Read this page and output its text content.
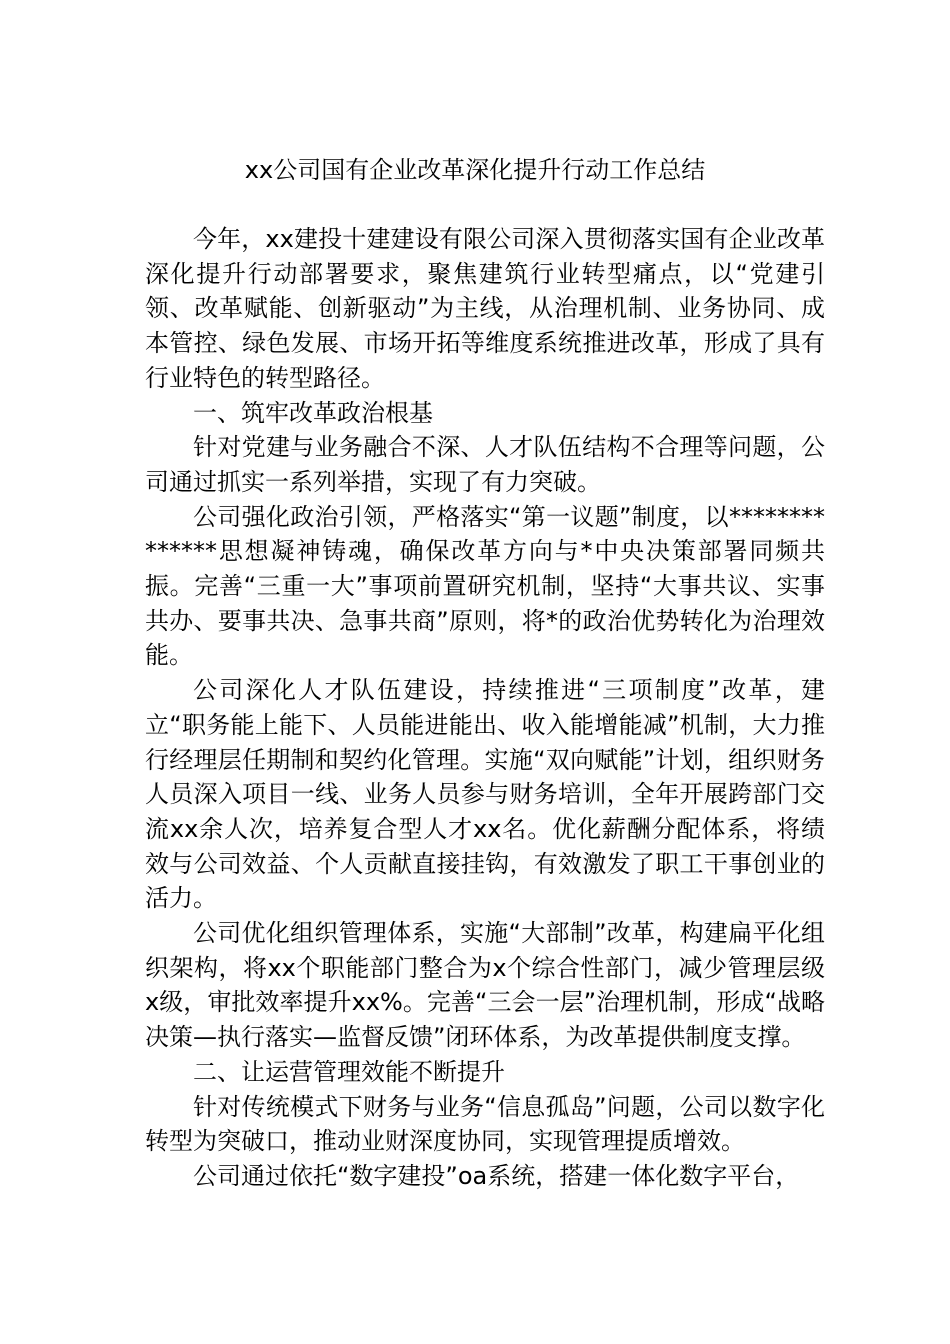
xx公司国有企业改革深化提升行动工作总结

今年，xx建投十建建设有限公司深入贯彻落实国有企业改革深化提升行动部署要求，聚焦建筑行业转型痛点，以“党建引领、改革赋能、创新驱动”为主线，从治理机制、业务协同、成本管控、绿色发展、市场开拓等维度系统推进改革，形成了具有行业特色的转型路径。

一、筑牢改革政治根基

针对党建与业务融合不深、人才队伍结构不合理等问题，公司通过抓实一系列举措，实现了有力突破。

公司强化政治引领，严格落实“第一议题”制度，以**************思想凝神铸魂，确保改革方向与*中央决策部署同频共振。完善“三重一大”事项前置研究机制，坚持“大事共议、实事共办、要事共决、急事共商”原则，将*的政治优势转化为治理效能。

公司深化人才队伍建设，持续推进“三项制度”改革，建立“职务能上能下、人员能进能出、收入能增能减”机制，大力推行经理层任期制和契约化管理。实施“双向赋能”计划，组织财务人员深入项目一线、业务人员参与财务培训，全年开展跨部门交流xx余人次，培养复合型人才xx名。优化薪酬分配体系，将绩效与公司效益、个人贡献直接挂钩，有效激发了职工干事创业的活力。

公司优化组织管理体系，实施“大部制”改革，构建扁平化组织架构，将xx个职能部门整合为x个综合性部门，减少管理层级x级，审批效率提升xx%。完善“三会一层”治理机制，形成“战略决策—执行落实—监督反馈”闭环体系，为改革提供制度支撑。

二、让运营管理效能不断提升

针对传统模式下财务与业务“信息孤岛”问题，公司以数字化转型为突破口，推动业财深度协同，实现管理提质增效。

公司通过依托“数字建投”oa系统，搭建一体化数字平台，
